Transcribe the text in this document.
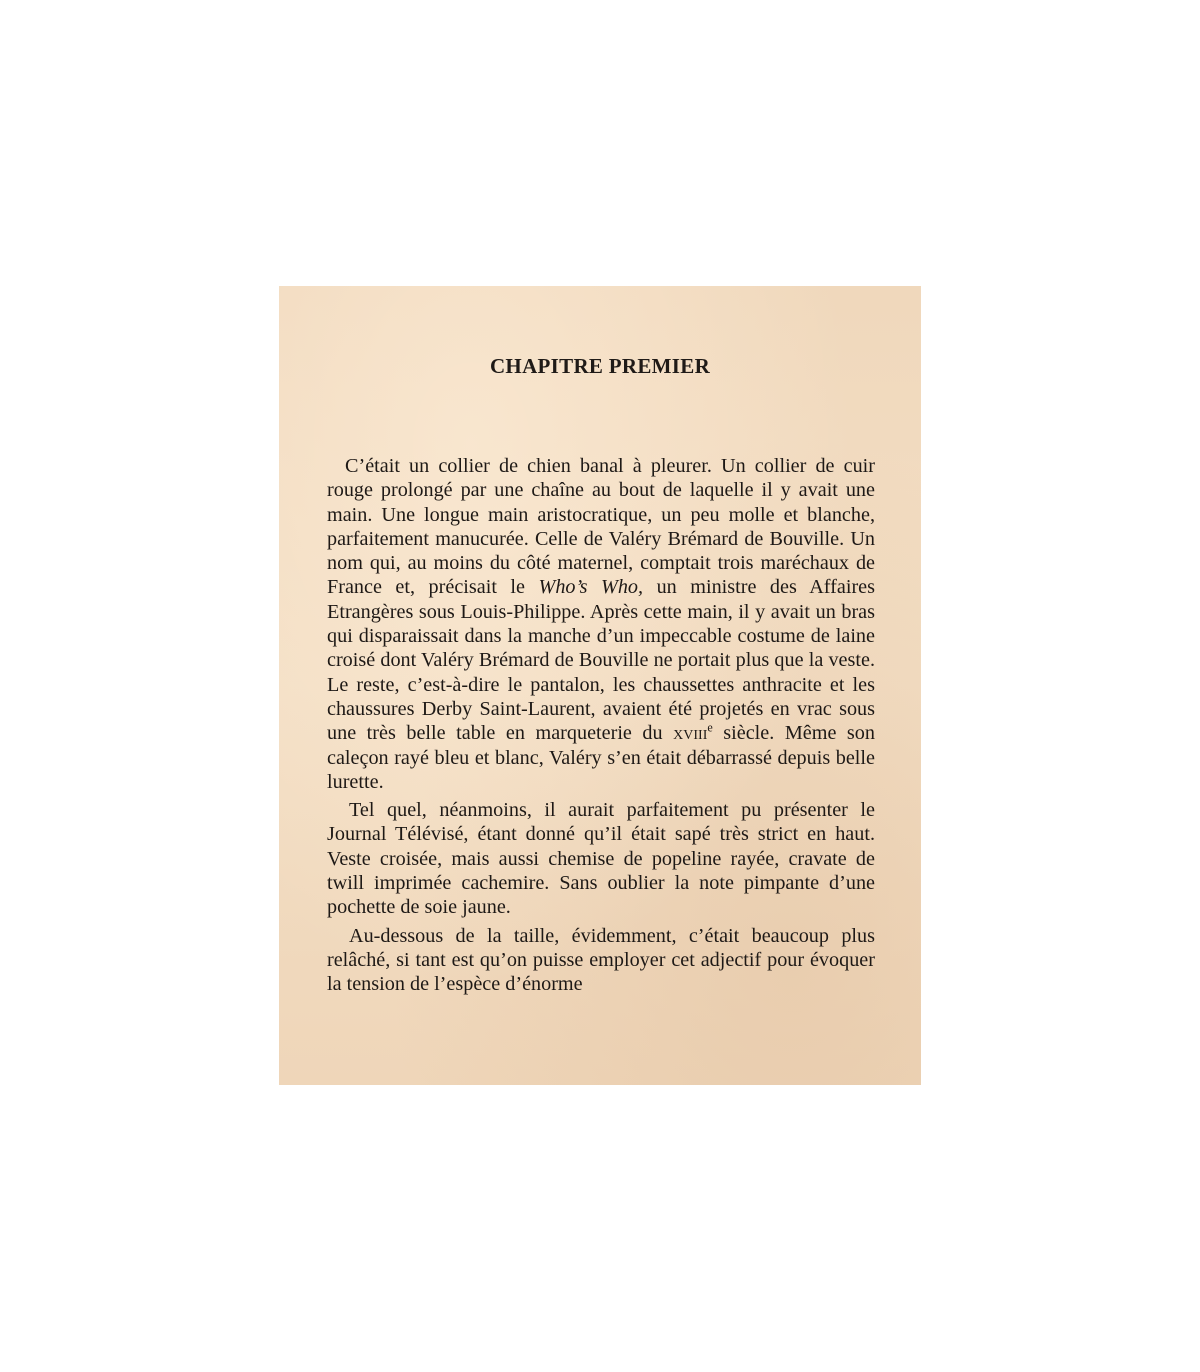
CHAPITRE PREMIER

C’était un collier de chien banal à pleurer. Un collier de cuir rouge prolongé par une chaîne au bout de laquelle il y avait une main. Une longue main aristocratique, un peu molle et blanche, parfaitement manucurée. Celle de Valéry Brémard de Bouville. Un nom qui, au moins du côté maternel, comptait trois maréchaux de France et, précisait le Who’s Who, un ministre des Affaires Etrangères sous Louis-Philippe. Après cette main, il y avait un bras qui disparaissait dans la manche d’un impeccable costume de laine croisé dont Valéry Brémard de Bouville ne portait plus que la veste. Le reste, c’est-à-dire le pantalon, les chaussettes anthracite et les chaussures Derby Saint-Laurent, avaient été projetés en vrac sous une très belle table en marqueterie du xviii$^e$ siècle. Même son caleçon rayé bleu et blanc, Valéry s’en était débarrassé depuis belle lurette.

Tel quel, néanmoins, il aurait parfaitement pu présenter le Journal Télévisé, étant donné qu’il était sapé très strict en haut. Veste croisée, mais aussi chemise de popeline rayée, cravate de twill imprimée cachemire. Sans oublier la note pimpante d’une pochette de soie jaune.

Au-dessous de la taille, évidemment, c’était beaucoup plus relâché, si tant est qu’on puisse employer cet adjectif pour évoquer la tension de l’espèce d’énorme
